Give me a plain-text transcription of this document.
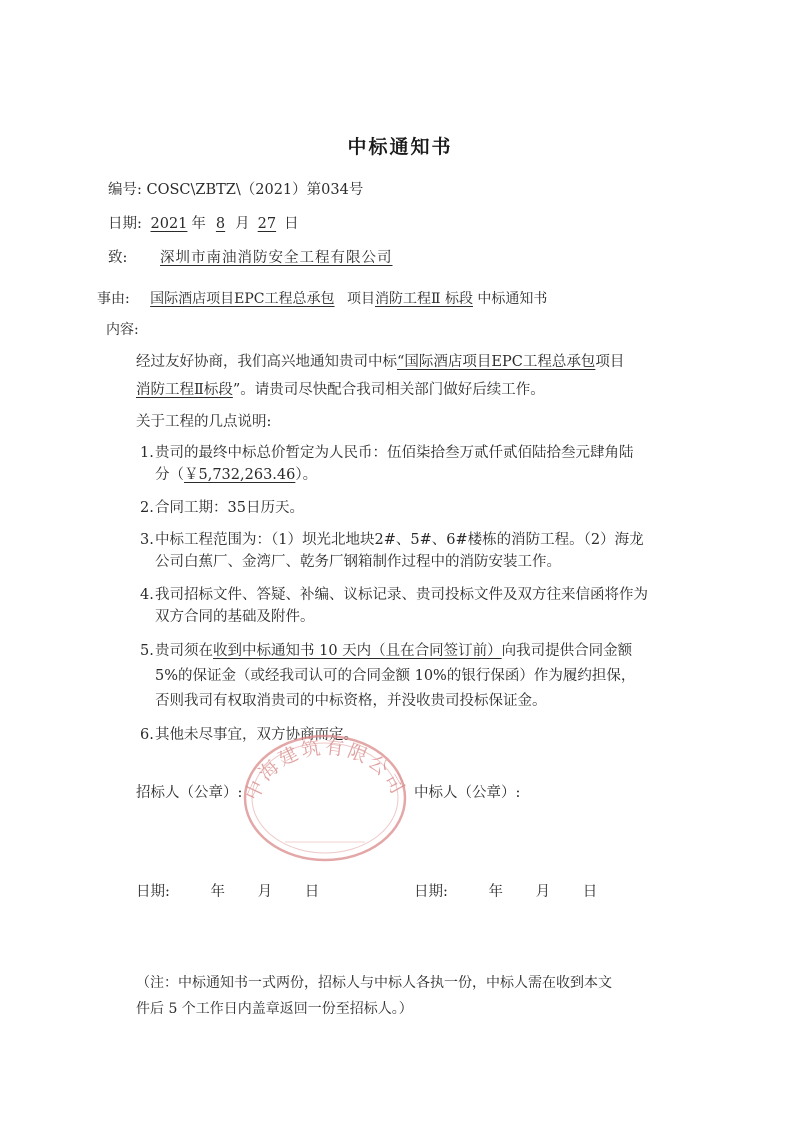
中标通知书
编号: COSC\ZBTZ\（2021）第034号
日期: 2021 年 8 月 27 日
致: 深圳市南油消防安全工程有限公司
事由: 国际酒店项目EPC工程总承包 项目消防工程Ⅱ 标段 中标通知书
内容:
经过友好协商，我们高兴地通知贵司中标“国际酒店项目EPC工程总承包项目
消防工程Ⅱ标段”。请贵司尽快配合我司相关部门做好后续工作。
关于工程的几点说明:
1.贵司的最终中标总价暂定为人民币：伍佰柒拾叁万贰仟贰佰陆拾叁元肆角陆
分（￥5,732,263.46）。
2.合同工期：35日历天。
3.中标工程范围为：（1）坝光北地块2#、5#、6#楼栋的消防工程。（2）海龙
公司白蕉厂、金湾厂、乾务厂钢箱制作过程中的消防安装工作。
4.我司招标文件、答疑、补编、议标记录、贵司投标文件及双方往来信函将作为
双方合同的基础及附件。
5.贵司须在收到中标通知书 10 天内（且在合同签订前）向我司提供合同金额
5%的保证金（或经我司认可的合同金额 10%的银行保函）作为履约担保，
否则我司有权取消贵司的中标资格，并没收贵司投标保证金。
6.其他未尽事宜，双方协商而定。
招标人（公章）:	中标人（公章）:
日期:	年 月 日	日期:	年 月 日
（注：中标通知书一式两份，招标人与中标人各执一份，中标人需在收到本文
件后 5 个工作日内盖章返回一份至招标人。）
中海建筑有限公司
